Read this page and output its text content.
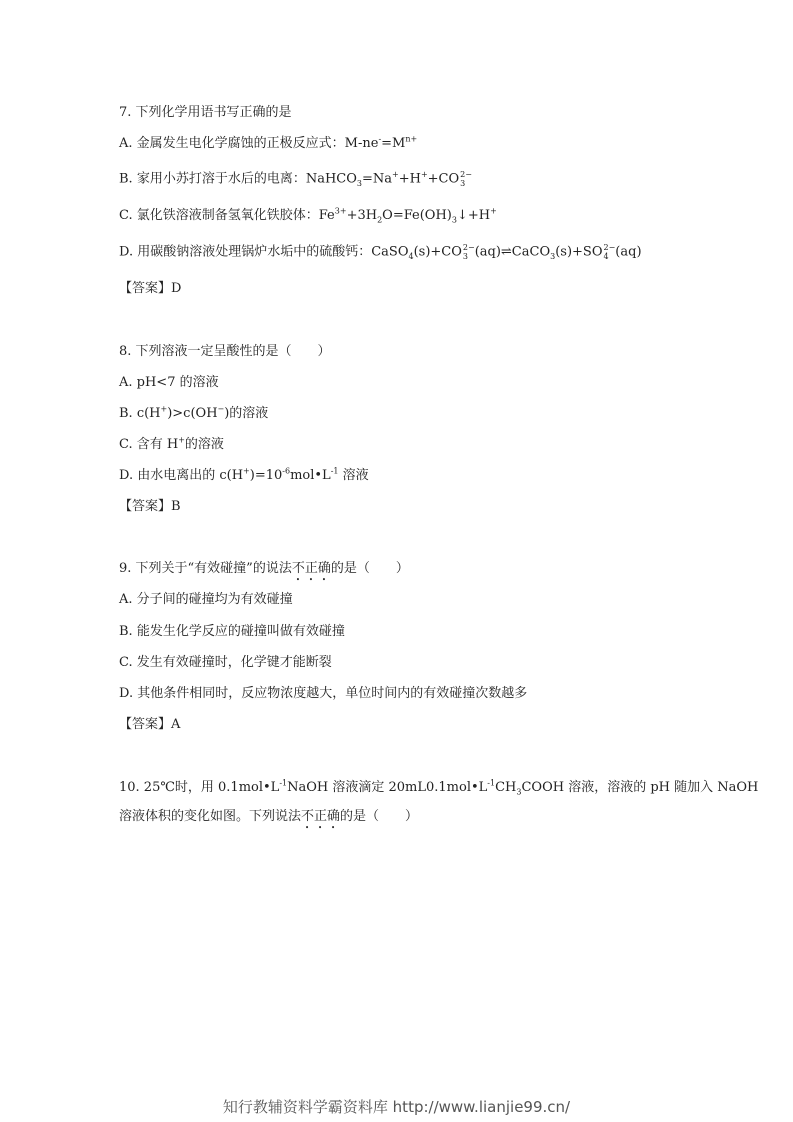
7. 下列化学用语书写正确的是
A. 金属发生电化学腐蚀的正极反应式：$M-ne^-=M^{n+}$
B. 家用小苏打溶于水后的电离：NaHCO$_3$=Na++H++CO 2−
3
C. 氯化铁溶液制备氢氧化铁胶体：$Fe^{3+}+3H_2O=Fe(OH)_3↓+H^+$
D. 用碳酸钠溶液处理锅炉水垢中的硫酸钙：CaSO$_4$(s)+CO 2−
3 (aq)⇌CaCO$_3$(s)+SO 2−
4 (aq)
【答案】D
8. 下列溶液一定呈酸性的是（　　）
A. pH<7 的溶液
B. c(H+)>c(OH−)的溶液
C. 含有 H+的溶液
D. 由水电离出的 $c(H^+)=10^{-6}mol•L^{-1}$ 溶液
【答案】B
9. 下列关于“有效碰撞”的说法不正确的是（　　）
A. 分子间的碰撞均为有效碰撞
B. 能发生化学反应的碰撞叫做有效碰撞
C. 发生有效碰撞时，化学键才能断裂
D. 其他条件相同时，反应物浓度越大，单位时间内的有效碰撞次数越多
【答案】A
10. 25℃时，用 $0.1mol•L^{-1}NaOH$ 溶液滴定 $20mL0.1mol•L^{-1}CH_3COOH$ 溶液，溶液的 pH 随加入 NaOH
溶液体积的变化如图。下列说法不正确的是（　　）
知行教辅资料学霸资料库 http://www.lianjie99.cn/
